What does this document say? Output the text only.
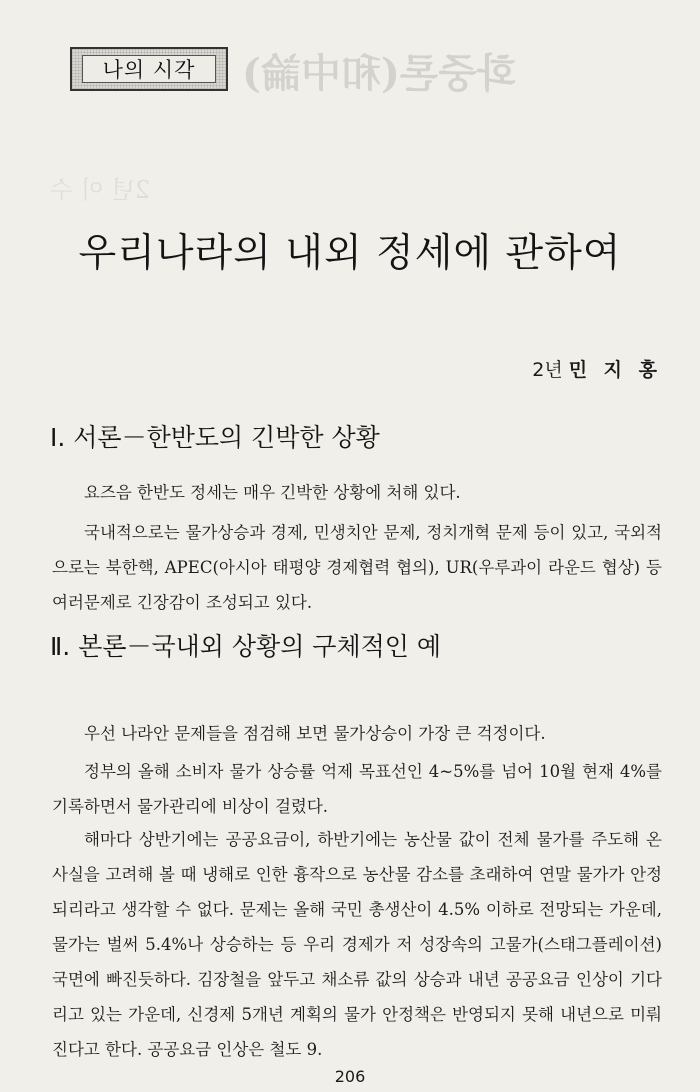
나의 시각	화중론(和中論)
2년 이 수
우리나라의 내외 정세에 관하여
2년 민 지 홍
Ⅰ. 서론－한반도의 긴박한 상황

요즈음 한반도 정세는 매우 긴박한 상황에 처해 있다.

국내적으로는 물가상승과 경제, 민생치안 문제, 정치개혁 문제 등이 있고, 국외적으로는 북한핵, APEC(아시아 태평양 경제협력 협의), UR(우루과이 라운드 협상) 등 여러문제로 긴장감이 조성되고 있다.

Ⅱ. 본론－국내외 상황의 구체적인 예

우선 나라안 문제들을 점검해 보면 물가상승이 가장 큰 걱정이다.

정부의 올해 소비자 물가 상승률 억제 목표선인 4~5%를 넘어 10월 현재 4%를 기록하면서 물가관리에 비상이 걸렸다.

해마다 상반기에는 공공요금이, 하반기에는 농산물 값이 전체 물가를 주도해 온 사실을 고려해 볼 때 냉해로 인한 흉작으로 농산물 감소를 초래하여 연말 물가가 안정되리라고 생각할 수 없다. 문제는 올해 국민 총생산이 4.5% 이하로 전망되는 가운데, 물가는 벌써 5.4%나 상승하는 등 우리 경제가 저 성장속의 고물가(스태그플레이션) 국면에 빠진듯하다. 김장철을 앞두고 채소류 값의 상승과 내년 공공요금 인상이 기다리고 있는 가운데, 신경제 5개년 계획의 물가 안정책은 반영되지 못해 내년으로 미뤄진다고 한다. 공공요금 인상은 철도 9.

206
